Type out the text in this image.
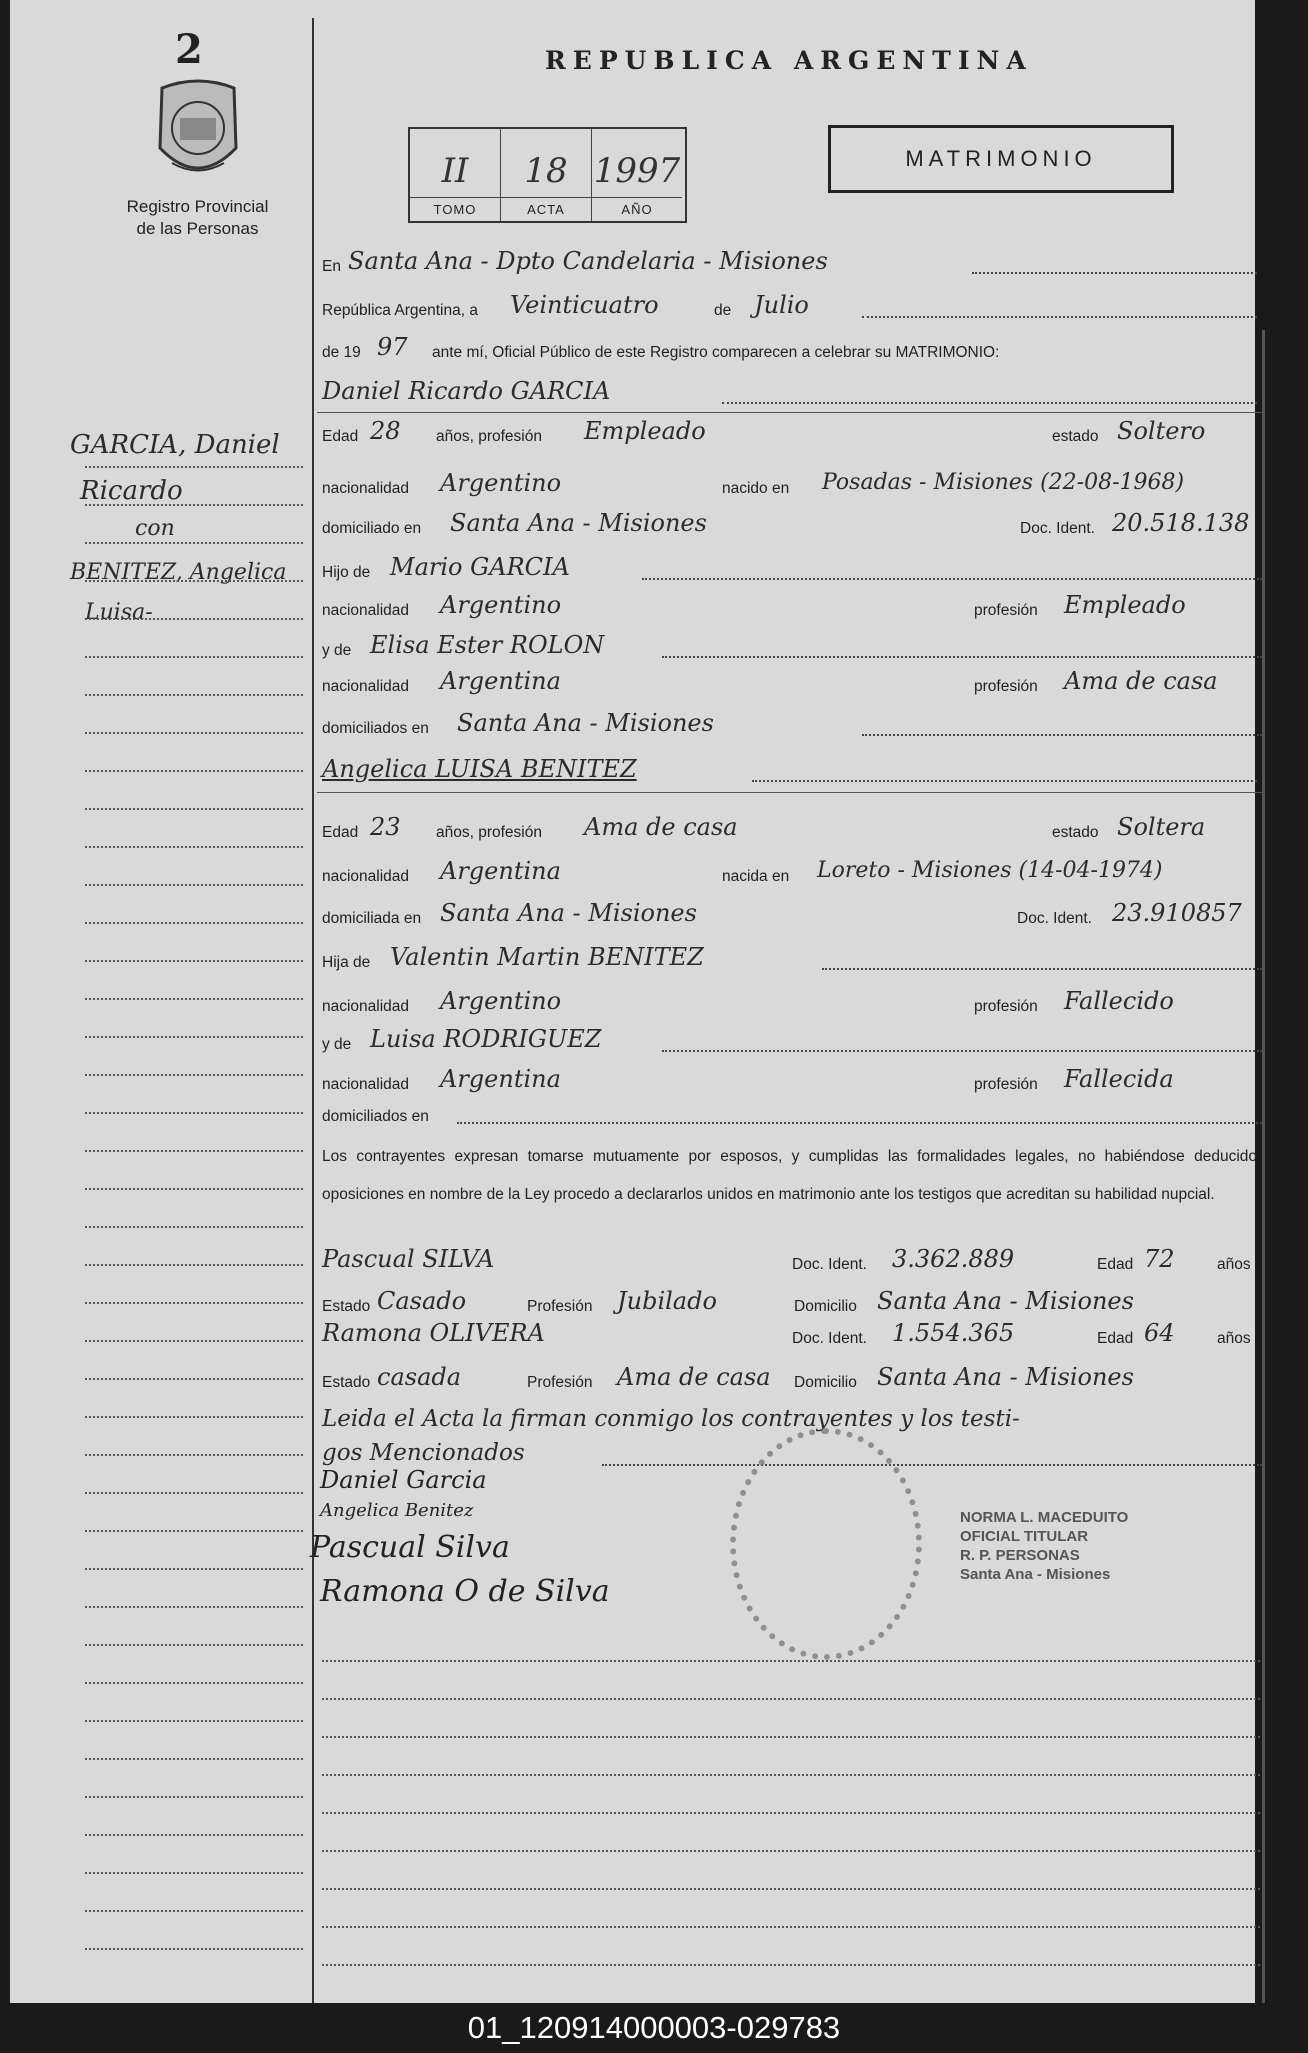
2
Registro Provincial
de las Personas
REPUBLICA ARGENTINA
II
TOMO
18
ACTA
1997
AÑO
MATRIMONIO
En Santa Ana - Dpto Candelaria - Misiones
República Argentina, a Veinticuatro	de Julio
de 19 97 ante mí, Oficial Público de este Registro comparecen a celebrar su MATRIMONIO:
Daniel Ricardo GARCIA
Edad 28 años, profesión Empleado	estado Soltero
nacionalidad Argentino	nacido en Posadas - Misiones (22-08-1968)
domiciliado en Santa Ana - Misiones	Doc. Ident. 20.518.138
Hijo de Mario GARCIA
nacionalidad Argentino	profesión Empleado
y de Elisa Ester ROLON
nacionalidad Argentina	profesión Ama de casa
domiciliados en Santa Ana - Misiones
Angelica LUISA BENITEZ
Edad 23 años, profesión Ama de casa	estado Soltera
nacionalidad Argentina	nacida en Loreto - Misiones (14-04-1974)
domiciliada en Santa Ana - Misiones	Doc. Ident. 23.910857
Hija de Valentin Martin BENITEZ
nacionalidad Argentino	profesión Fallecido
y de Luisa RODRIGUEZ
nacionalidad Argentina	profesión Fallecida
domiciliados en
Los contrayentes expresan tomarse mutuamente por esposos, y cumplidas las formalidades legales, no habiéndose deducido oposiciones en nombre de la Ley procedo a declararlos unidos en matrimonio ante los testigos que acreditan su habilidad nupcial.
Pascual SILVA	Doc. Ident. 3.362.889	Edad 72	años
Estado Casado	Profesión Jubilado	Domicilio Santa Ana - Misiones
Ramona OLIVERA	Doc. Ident. 1.554.365	Edad 64	años
Estado casada	Profesión Ama de casa Domicilio Santa Ana - Misiones
Leida el Acta la firman conmigo los contrayentes y los testi-
gos Mencionados
Daniel Garcia
Angelica Benitez
Pascual Silva
Ramona O de Silva
NORMA L. MACEDUITO
OFICIAL TITULAR
R. P. PERSONAS
Santa Ana - Misiones
GARCIA, Daniel
Ricardo
con
BENITEZ, Angelica
Luisa-
01_120914000003-029783
